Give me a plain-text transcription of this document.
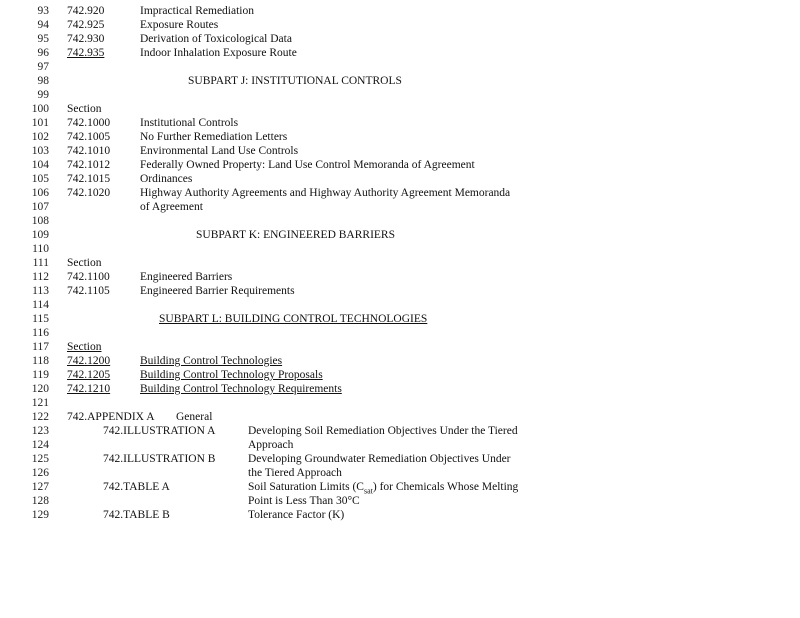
93 742.920	Impractical Remediation
94 742.925	Exposure Routes
95 742.930	Derivation of Toxicological Data
96 742.935	Indoor Inhalation Exposure Route
97
98	SUBPART J: INSTITUTIONAL CONTROLS
99
100 Section
101 742.1000	Institutional Controls
102 742.1005	No Further Remediation Letters
103 742.1010	Environmental Land Use Controls
104 742.1012	Federally Owned Property: Land Use Control Memoranda of Agreement
105 742.1015	Ordinances
106 742.1020	Highway Authority Agreements and Highway Authority Agreement Memoranda
107	of Agreement
108
109	SUBPART K: ENGINEERED BARRIERS
110
111 Section
112 742.1100	Engineered Barriers
113 742.1105	Engineered Barrier Requirements
114
115	SUBPART L: BUILDING CONTROL TECHNOLOGIES
116
117 Section
118 742.1200	Building Control Technologies
119 742.1205	Building Control Technology Proposals
120 742.1210	Building Control Technology Requirements
121
122 742.APPENDIX A General
123	742.ILLUSTRATION A	Developing Soil Remediation Objectives Under the Tiered
124	Approach
125	742.ILLUSTRATION B	Developing Groundwater Remediation Objectives Under
126	the Tiered Approach
127	742.TABLE A	Soil Saturation Limits $(C_{sat})$ for Chemicals Whose Melting
128	Point is Less Than 30°C
129	742.TABLE B	Tolerance Factor (K)
